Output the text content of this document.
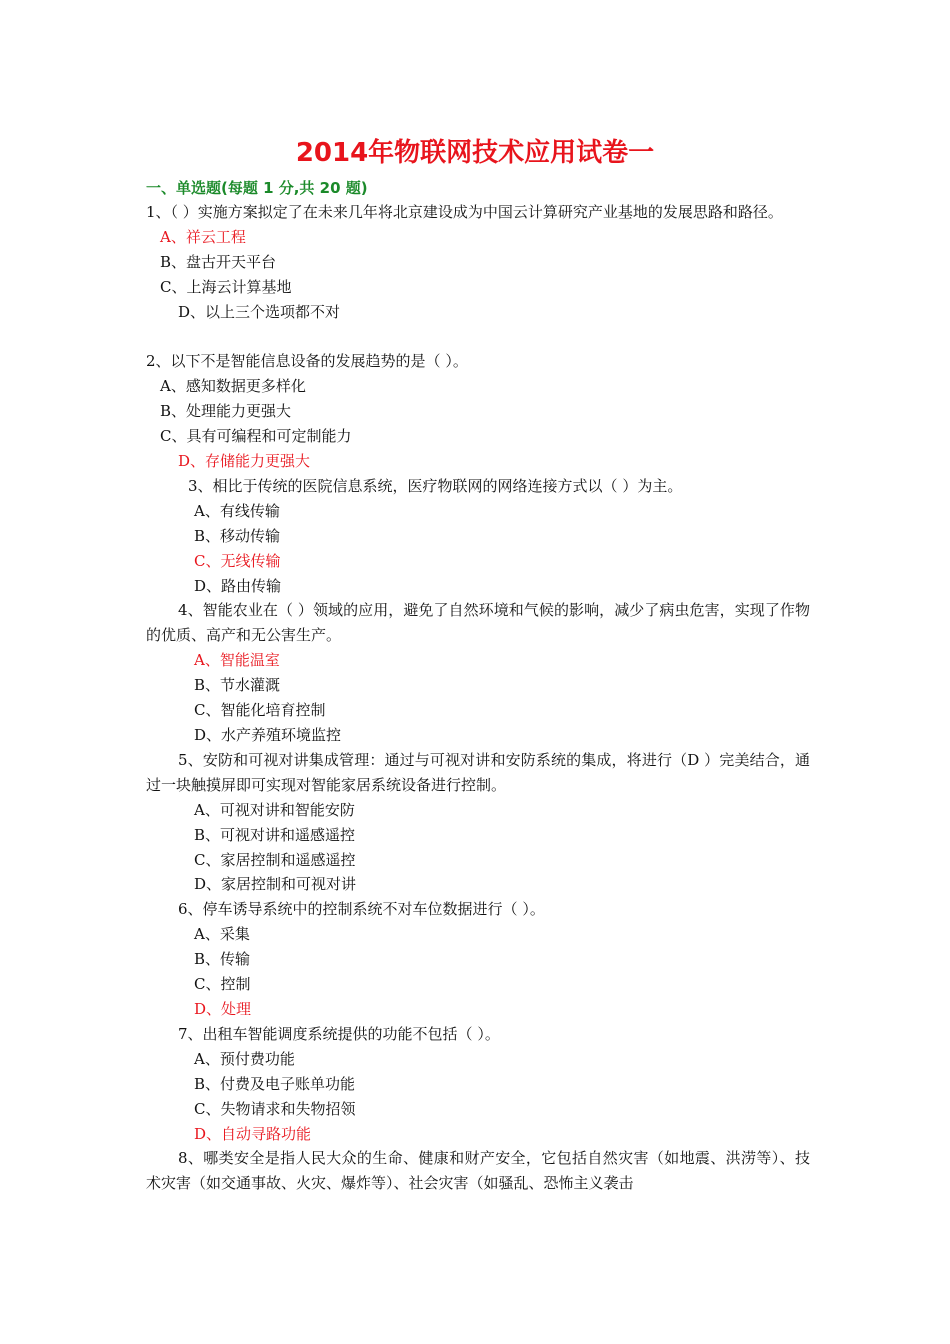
2014年物联网技术应用试卷一
一、单选题(每题 1 分,共 20 题)
1、（ ）实施方案拟定了在未来几年将北京建设成为中国云计算研究产业基地的发展思路和路径。
A、祥云工程
B、盘古开天平台
C、上海云计算基地
D、以上三个选项都不对
2、以下不是智能信息设备的发展趋势的是（ ）。
A、感知数据更多样化
B、处理能力更强大
C、具有可编程和可定制能力
D、存储能力更强大
3、相比于传统的医院信息系统，医疗物联网的网络连接方式以（ ）为主。
A、有线传输
B、移动传输
C、无线传输
D、路由传输
4、智能农业在（ ）领域的应用，避免了自然环境和气候的影响，减少了病虫危害，实现了作物的优质、高产和无公害生产。
A、智能温室
B、节水灌溉
C、智能化培育控制
D、水产养殖环境监控
5、安防和可视对讲集成管理：通过与可视对讲和安防系统的集成，将进行（D ）完美结合，通过一块触摸屏即可实现对智能家居系统设备进行控制。
A、可视对讲和智能安防
B、可视对讲和遥感遥控
C、家居控制和遥感遥控
D、家居控制和可视对讲
6、停车诱导系统中的控制系统不对车位数据进行（ ）。
A、采集
B、传输
C、控制
D、处理
7、出租车智能调度系统提供的功能不包括（ ）。
A、预付费功能
B、付费及电子账单功能
C、失物请求和失物招领
D、自动寻路功能
8、哪类安全是指人民大众的生命、健康和财产安全，它包括自然灾害（如地震、洪涝等）、技术灾害（如交通事故、火灾、爆炸等）、社会灾害（如骚乱、恐怖主义袭击
